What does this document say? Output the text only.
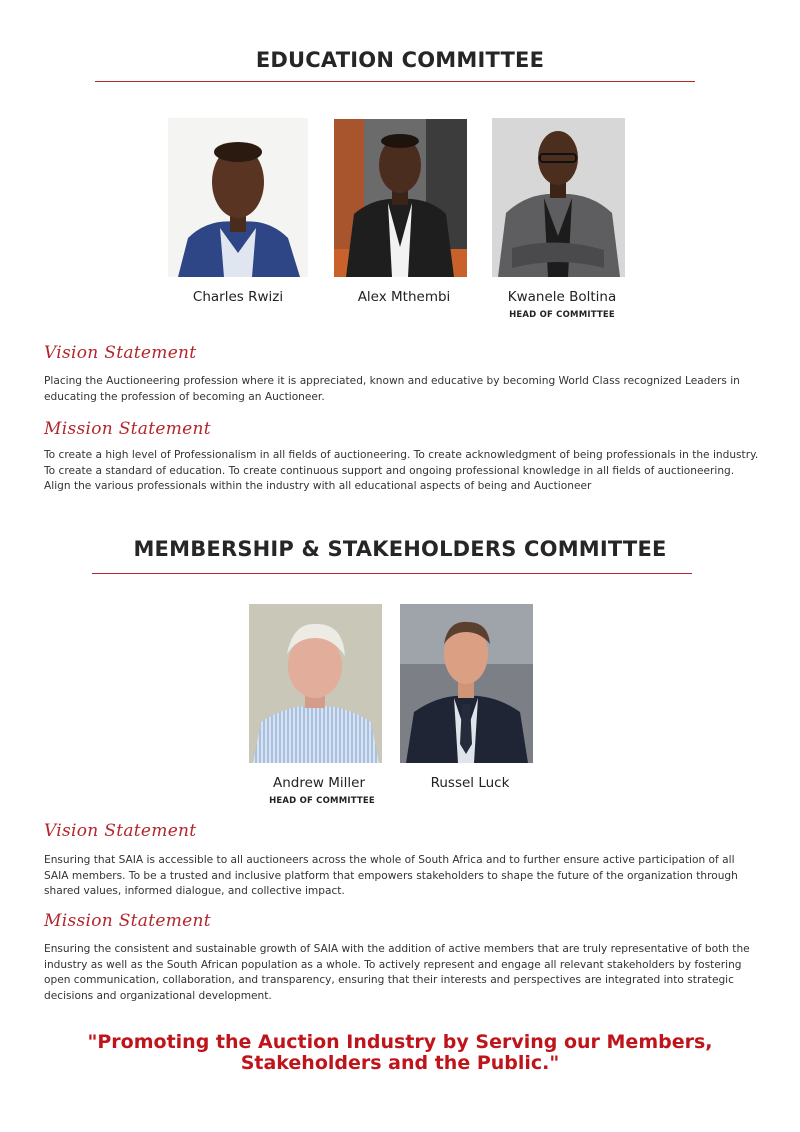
EDUCATION COMMITTEE
Charles Rwizi	Alex Mthembi	Kwanele Boltina
HEAD OF COMMITTEE
Vision Statement
Placing the Auctioneering profession where it is appreciated, known and educative by becoming World Class recognized Leaders in educating the profession of becoming an Auctioneer.
Mission Statement
To create a high level of Professionalism in all fields of auctioneering. To create acknowledgment of being professionals in the industry. To create a standard of education. To create continuous support and ongoing professional knowledge in all fields of auctioneering. Align the various professionals within the industry with all educational aspects of being and Auctioneer
MEMBERSHIP & STAKEHOLDERS COMMITTEE
Andrew Miller
HEAD OF COMMITTEE
Russel Luck
Vision Statement
Ensuring that SAIA is accessible to all auctioneers across the whole of South Africa and to further ensure active participation of all SAIA members. To be a trusted and inclusive platform that empowers stakeholders to shape the future of the organization through shared values, informed dialogue, and collective impact.
Mission Statement
Ensuring the consistent and sustainable growth of SAIA with the addition of active members that are truly representative of both the industry as well as the South African population as a whole. To actively represent and engage all relevant stakeholders by fostering open communication, collaboration, and transparency, ensuring that their interests and perspectives are integrated into strategic decisions and organizational development.
"Promoting the Auction Industry by Serving our Members,
Stakeholders and the Public."
